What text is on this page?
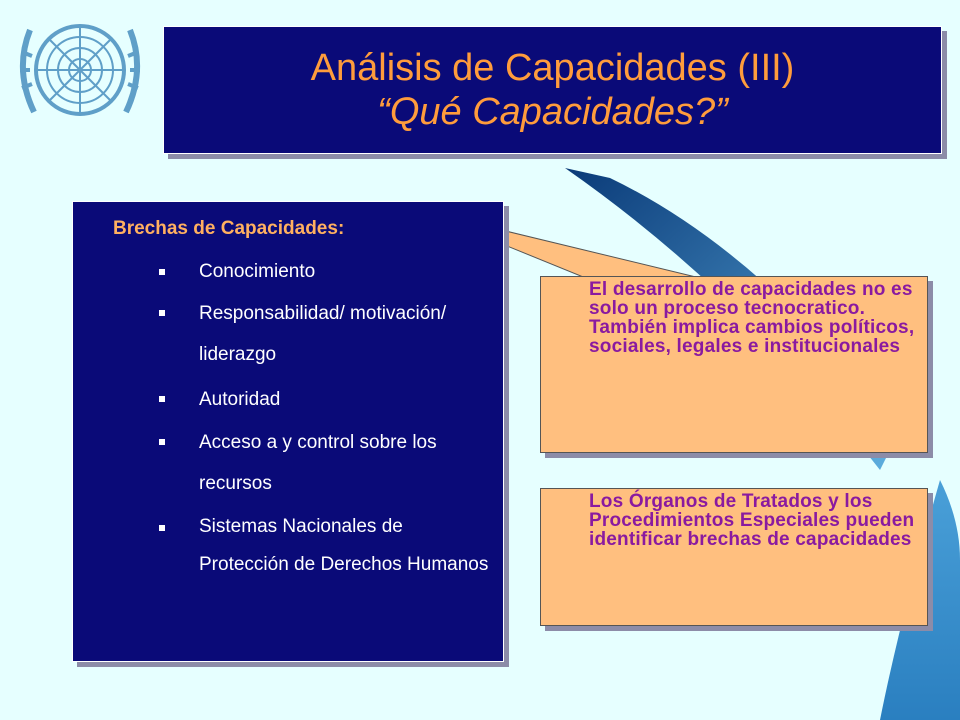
Análisis de Capacidades (III)
“Qué Capacidades?”
Brechas de Capacidades:
Conocimiento
Responsabilidad/ motivación/ liderazgo
Autoridad
Acceso a y control sobre los recursos
Sistemas Nacionales de Protección de Derechos Humanos
El desarrollo de capacidades no es solo un proceso tecnocratico. También implica cambios políticos, sociales, legales e institucionales
Los Órganos de Tratados y los Procedimientos Especiales pueden identificar brechas de capacidades
